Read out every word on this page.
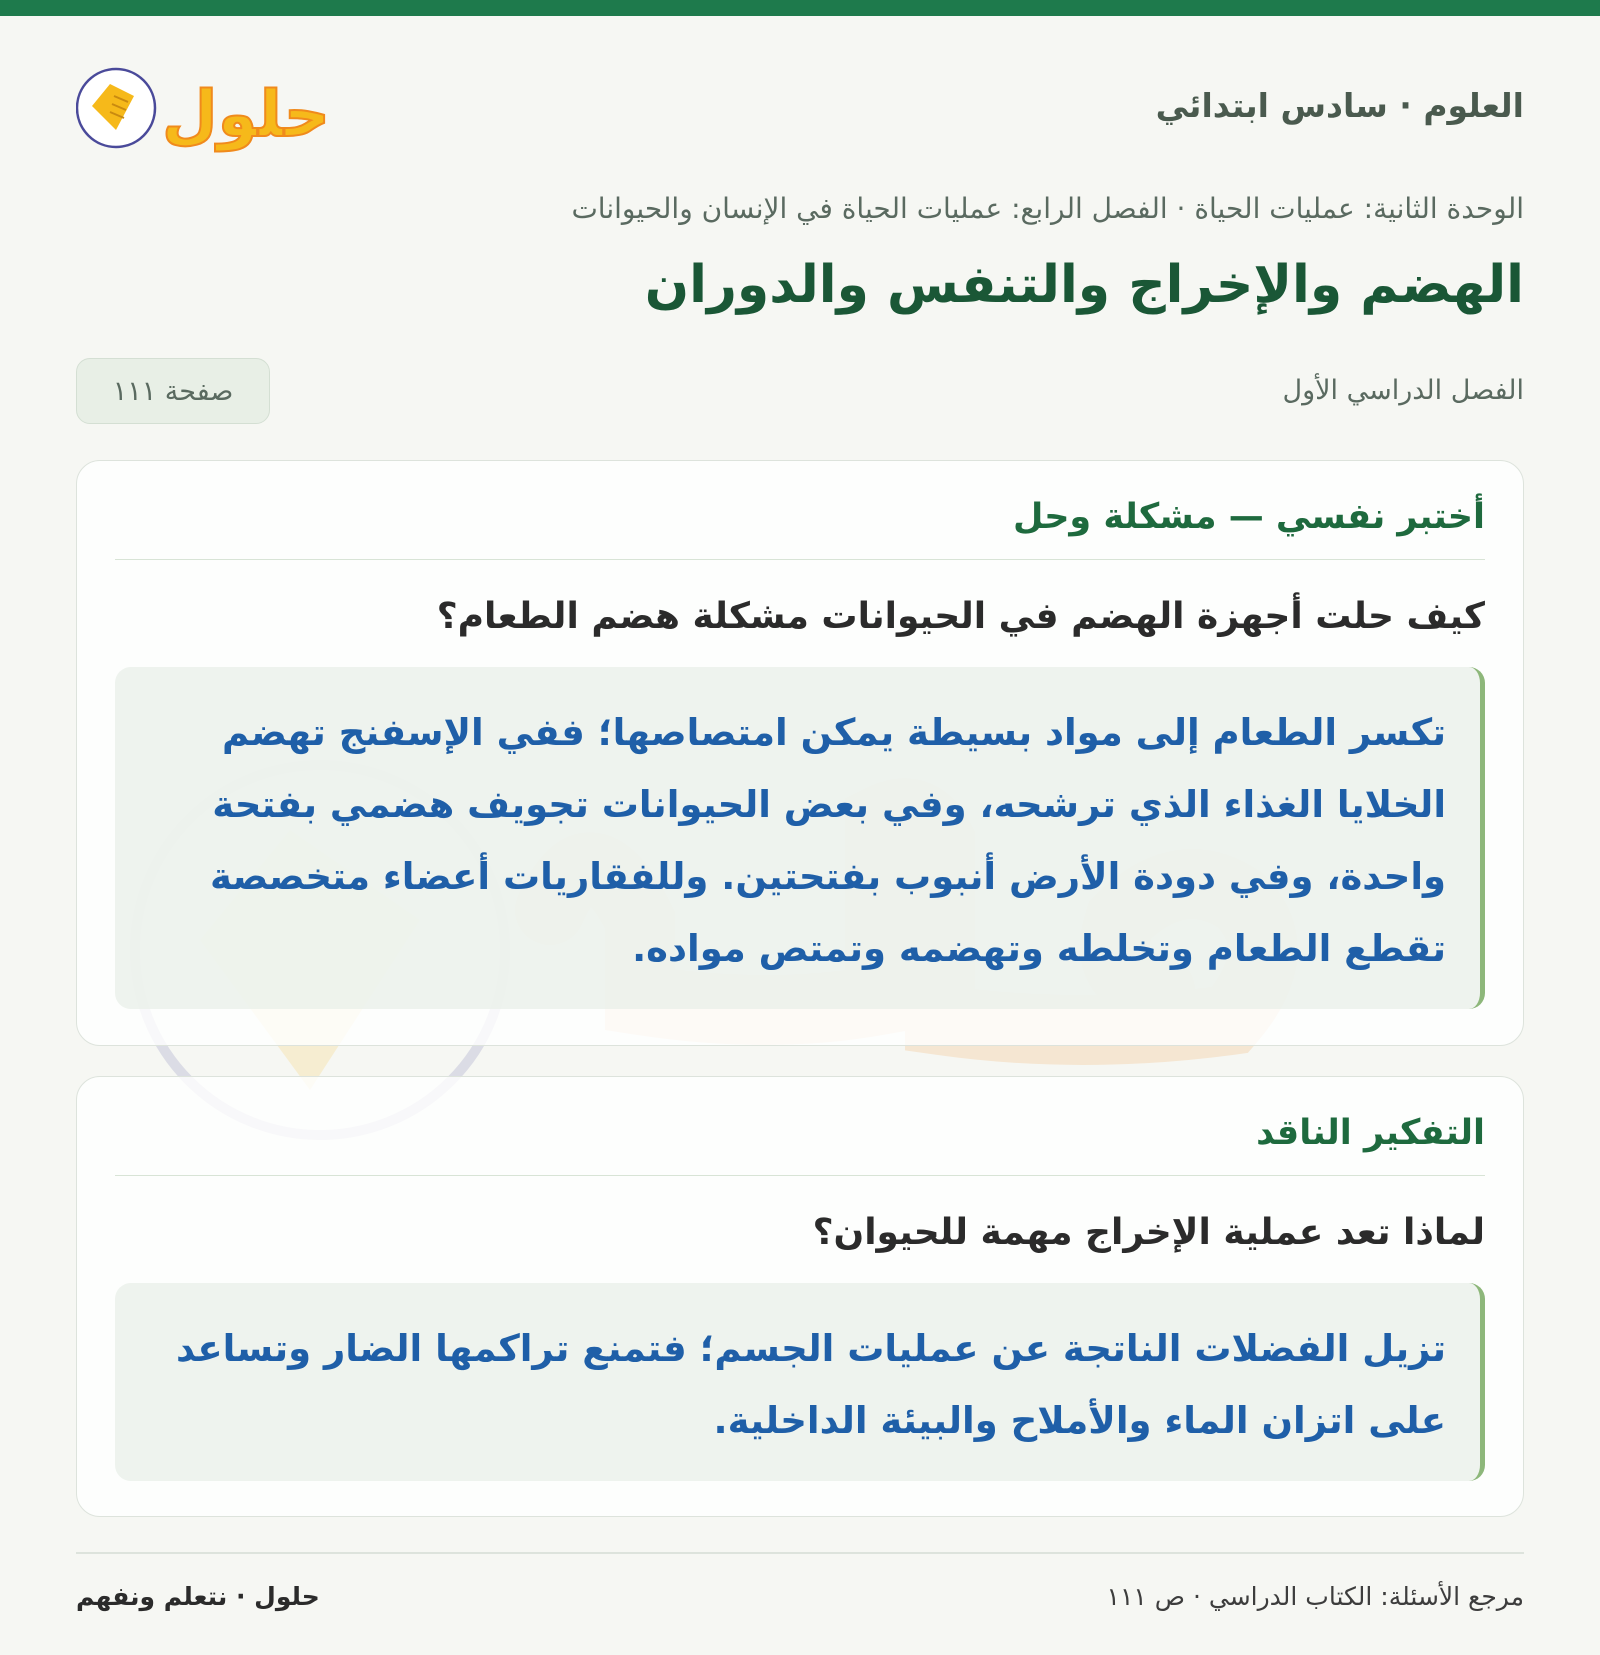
العلوم · سادس ابتدائي
حلول
الوحدة الثانية: عمليات الحياة · الفصل الرابع: عمليات الحياة في الإنسان والحيوانات
الهضم والإخراج والتنفس والدوران
الفصل الدراسي الأول
صفحة ١١١
أختبر نفسي — مشكلة وحل
كيف حلت أجهزة الهضم في الحيوانات مشكلة هضم الطعام؟
تكسر الطعام إلى مواد بسيطة يمكن امتصاصها؛ ففي الإسفنج تهضم الخلايا الغذاء الذي ترشحه، وفي بعض الحيوانات تجويف هضمي بفتحة واحدة، وفي دودة الأرض أنبوب بفتحتين. وللفقاريات أعضاء متخصصة تقطع الطعام وتخلطه وتهضمه وتمتص مواده.
التفكير الناقد
لماذا تعد عملية الإخراج مهمة للحيوان؟
تزيل الفضلات الناتجة عن عمليات الجسم؛ فتمنع تراكمها الضار وتساعد على اتزان الماء والأملاح والبيئة الداخلية.
مرجع الأسئلة: الكتاب الدراسي · ص ١١١
حلول · نتعلم ونفهم
